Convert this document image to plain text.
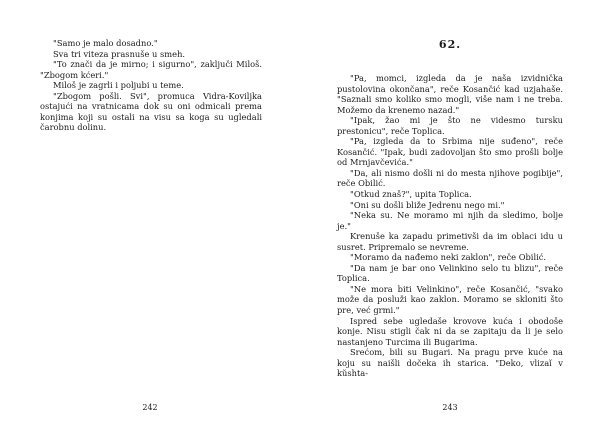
"Samo je malo dosadno."

Sva tri viteza prasnuše u smeh.

"To znači da je mirno; i sigurno", zaključi Miloš. "Zbogom kćeri."

Miloš je zagrli i poljubi u teme.

"Zbogom pošli. Svi", promuca Vidra-Koviljka ostajući na vratnicama dok su oni odmicali prema konjima koji su ostali na visu sa koga su ugledali čarobnu dolinu.

242
62.

"Pa, momci, izgleda da je naša izvidnička pustolovina okončana", reče Kosančić kad uzjahaše. "Saznali smo koliko smo mogli, više nam i ne treba. Možemo da krenemo nazad."

"Ipak, žao mi je što ne videsmo tursku prestonicu", reče Toplica.

"Pa, izgleda da to Srbima nije suđeno", reče Kosančić. "Ipak, budi zadovoljan što smo prošli bolje od Mrnjavčevića."

"Da, ali nismo došli ni do mesta njihove pogibije", reče Obilić.

"Otkud znaš?", upita Toplica.

"Oni su došli bliže Jedrenu nego mi."

"Neka su. Ne moramo mi njih da sledimo, bolje je."

Krenuše ka zapadu primetivši da im oblaci idu u susret. Pripremalo se nevreme.

"Moramo da nađemo neki zaklon", reče Obilić.

"Da nam je bar ono Velinkino selo tu blizu", reče Toplica.

"Ne mora biti Velinkino", reče Kosančić, "svako može da posluži kao zaklon. Moramo se skloniti što pre, već grmi."

Ispred sebe ugledaše krovove kuća i obodoše konje. Nisu stigli čak ni da se zapitaju da li je selo nastanjeno Turcima ili Bugarima.

Srećom, bili su Bugari. Na pragu prve kuće na koju su naišli dočeka ih starica. "Deko, vlizaĭ v kŭshta-

243
